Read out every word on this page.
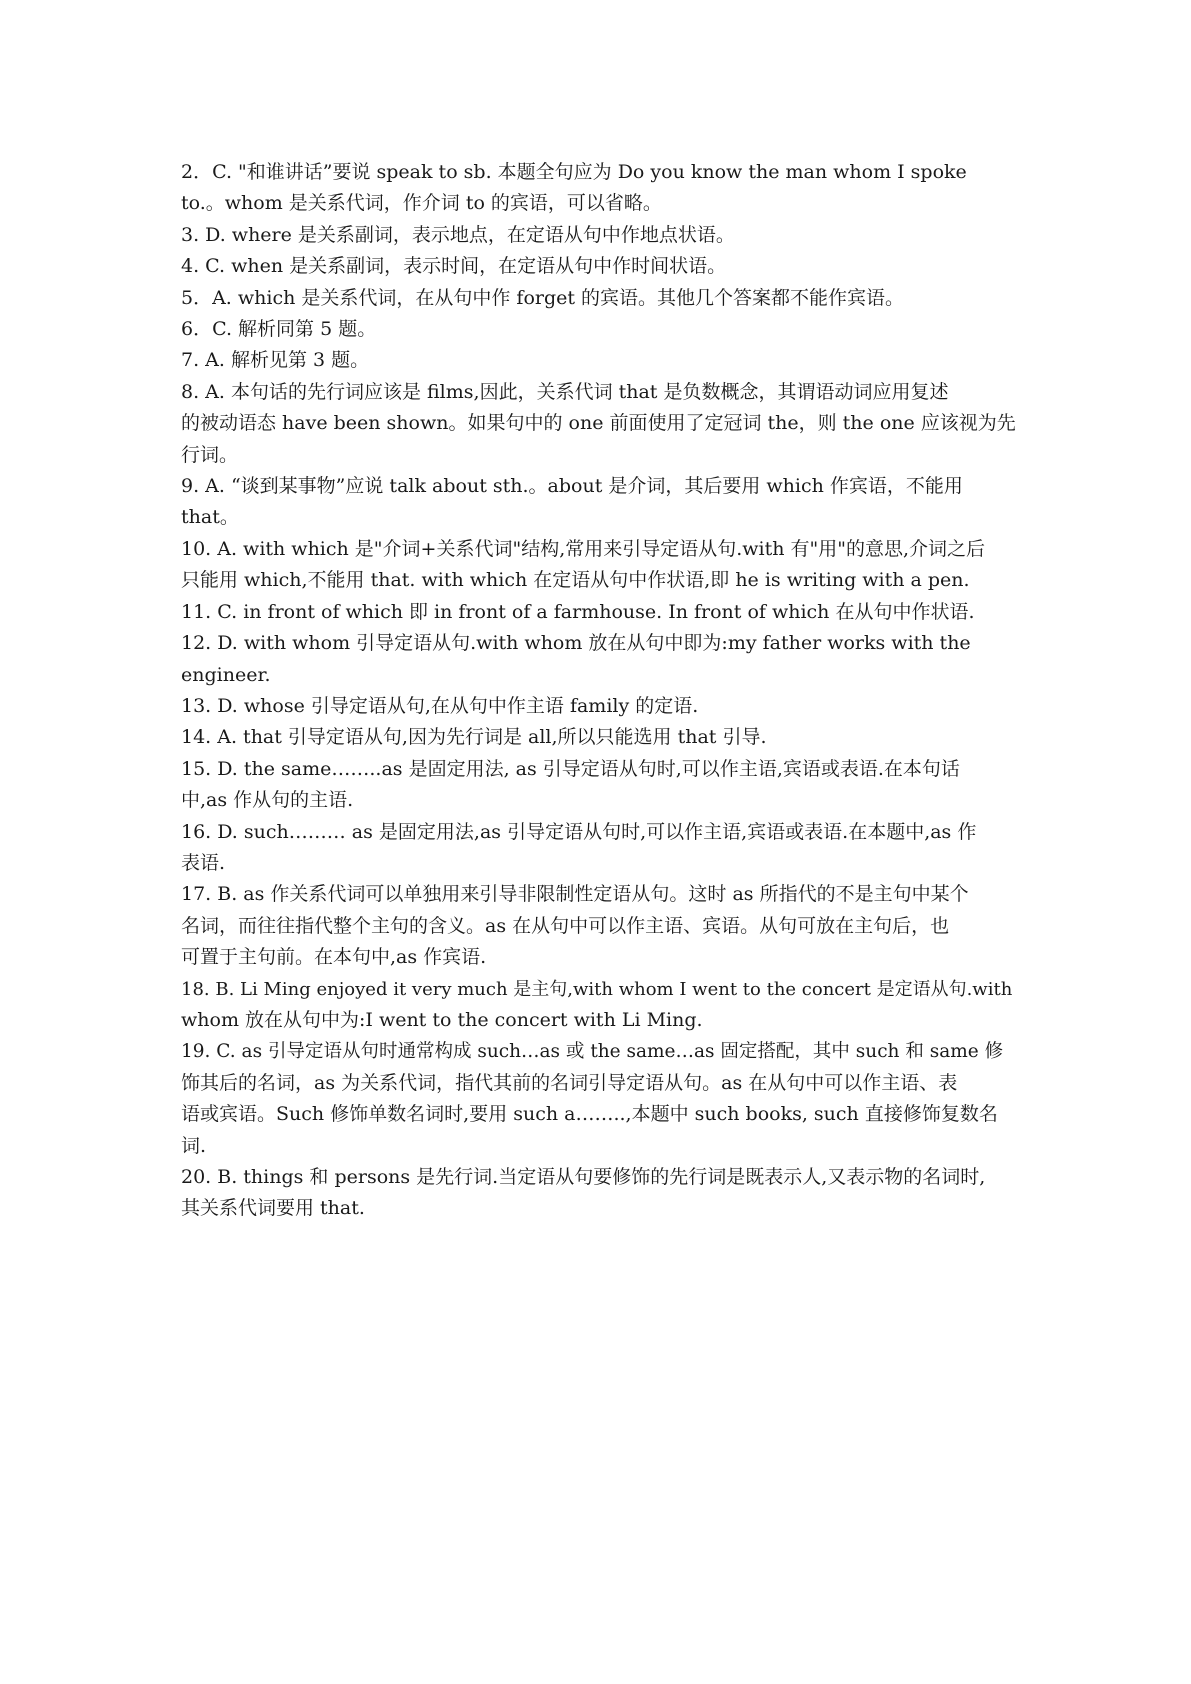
2．C. "和谁讲话”要说 speak to sb. 本题全句应为 Do you know the man whom I spoke
to.。whom 是关系代词，作介词 to 的宾语，可以省略。

3. D. where 是关系副词，表示地点，在定语从句中作地点状语。

4. C. when 是关系副词，表示时间，在定语从句中作时间状语。

5．A. which 是关系代词，在从句中作 forget 的宾语。其他几个答案都不能作宾语。

6．C. 解析同第 5 题。

7. A. 解析见第 3 题。

8. A. 本句话的先行词应该是 films,因此，关系代词 that 是负数概念，其谓语动词应用复述
的被动语态 have been shown。如果句中的 one 前面使用了定冠词 the，则 the one 应该视为先
行词。

9. A. “谈到某事物”应说 talk about sth.。about 是介词，其后要用 which 作宾语，不能用
that。

10. A. with which 是"介词+关系代词"结构,常用来引导定语从句.with 有"用"的意思,介词之后
只能用 which,不能用 that. with which 在定语从句中作状语,即 he is writing with a pen.

11. C. in front of which 即 in front of a farmhouse. In front of which 在从句中作状语.

12. D. with whom 引导定语从句.with whom 放在从句中即为:my father works with the
engineer.

13. D. whose 引导定语从句,在从句中作主语 family 的定语.

14. A. that 引导定语从句,因为先行词是 all,所以只能选用 that 引导.

15. D. the same……..as 是固定用法, as 引导定语从句时,可以作主语,宾语或表语.在本句话
中,as 作从句的主语.

16. D. such……… as 是固定用法,as 引导定语从句时,可以作主语,宾语或表语.在本题中,as 作
表语.

17. B. as 作关系代词可以单独用来引导非限制性定语从句。这时 as 所指代的不是主句中某个
名词，而往往指代整个主句的含义。as 在从句中可以作主语、宾语。从句可放在主句后，也
可置于主句前。在本句中,as 作宾语.

18. B. Li Ming enjoyed it very much 是主句,with whom I went to the concert 是定语从句.with
whom 放在从句中为:I went to the concert with Li Ming.

19. C. as 引导定语从句时通常构成 such…as 或 the same…as 固定搭配，其中 such 和 same 修
饰其后的名词，as 为关系代词，指代其前的名词引导定语从句。as 在从句中可以作主语、表
语或宾语。Such 修饰单数名词时,要用 such a……..,本题中 such books, such 直接修饰复数名
词.

20. B. things 和 persons 是先行词.当定语从句要修饰的先行词是既表示人,又表示物的名词时,
其关系代词要用 that.
